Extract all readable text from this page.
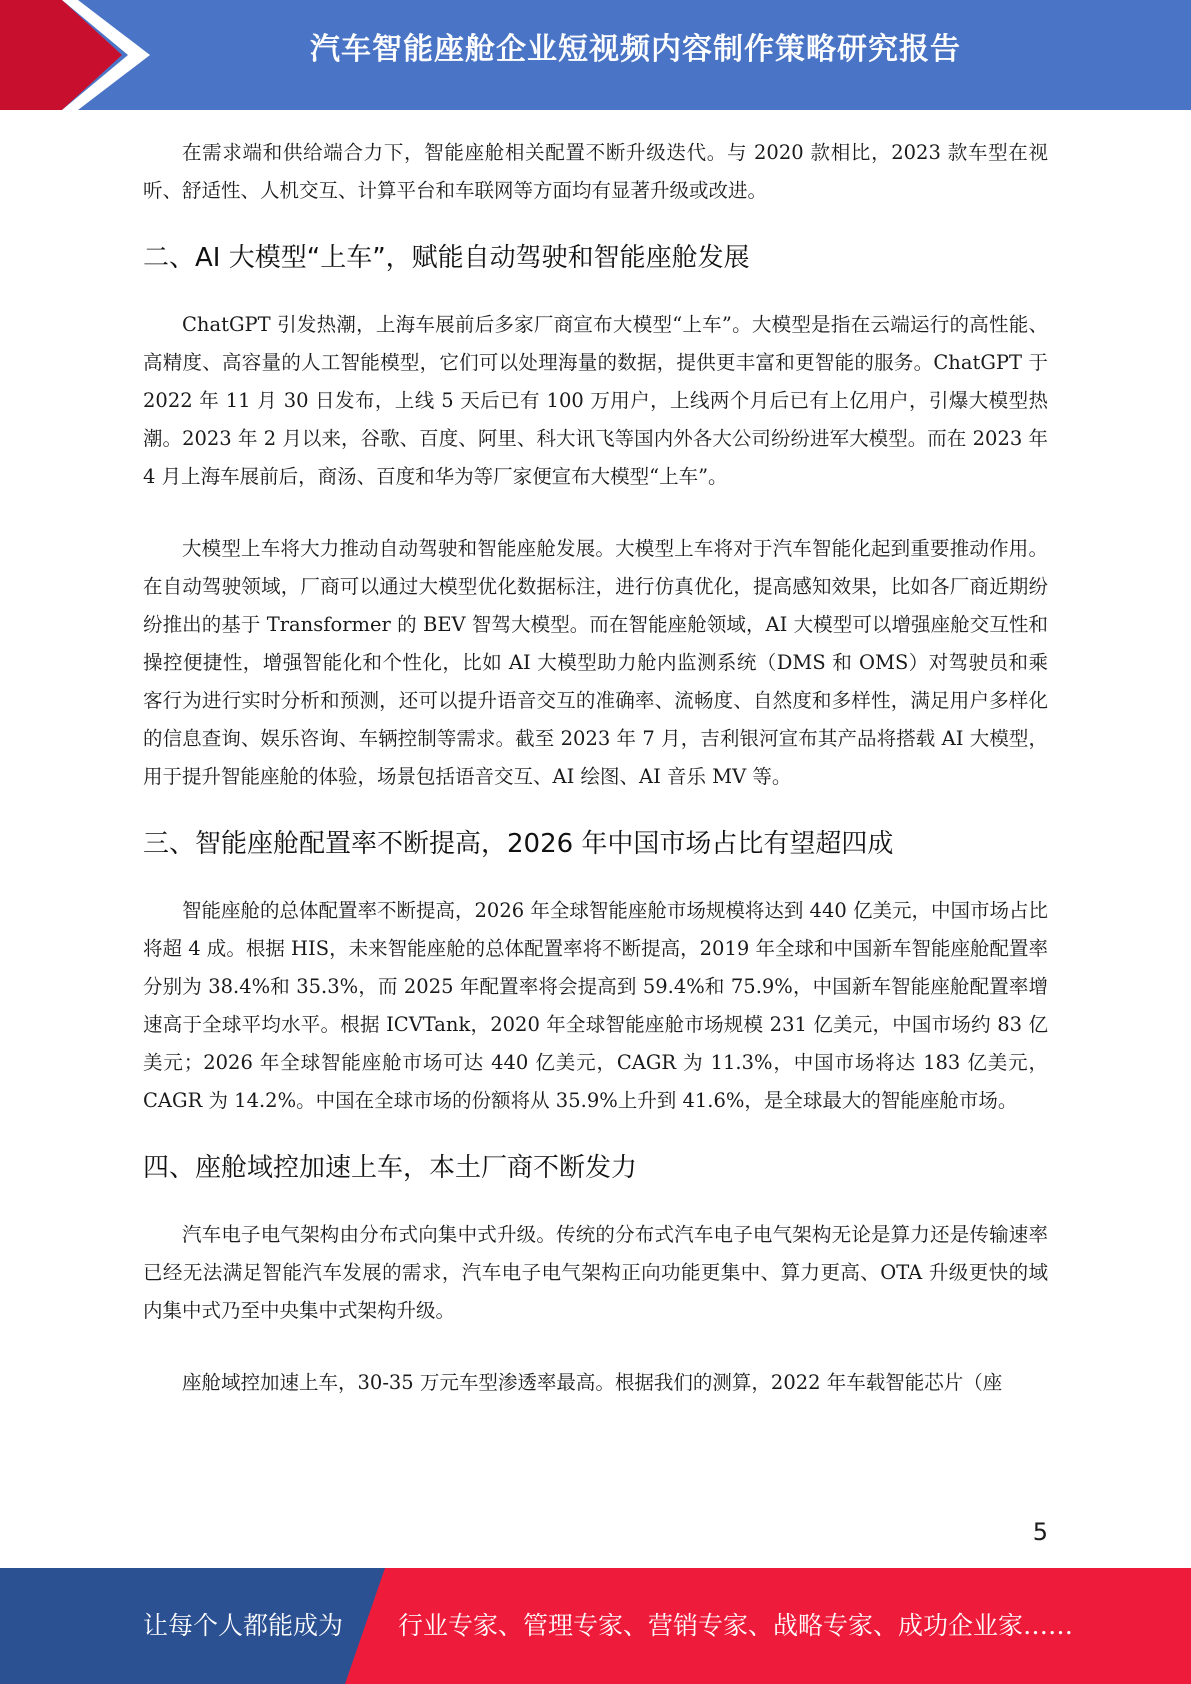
汽车智能座舱企业短视频内容制作策略研究报告

在需求端和供给端合力下，智能座舱相关配置不断升级迭代。与 2020 款相比，2023 款车型在视听、舒适性、人机交互、计算平台和车联网等方面均有显著升级或改进。

二、AI 大模型“上车”，赋能自动驾驶和智能座舱发展

ChatGPT 引发热潮，上海车展前后多家厂商宣布大模型“上车”。大模型是指在云端运行的高性能、高精度、高容量的人工智能模型，它们可以处理海量的数据，提供更丰富和更智能的服务。ChatGPT 于 2022 年 11 月 30 日发布，上线 5 天后已有 100 万用户，上线两个月后已有上亿用户，引爆大模型热潮。2023 年 2 月以来，谷歌、百度、阿里、科大讯飞等国内外各大公司纷纷进军大模型。而在 2023 年 4 月上海车展前后，商汤、百度和华为等厂家便宣布大模型“上车”。

大模型上车将大力推动自动驾驶和智能座舱发展。大模型上车将对于汽车智能化起到重要推动作用。在自动驾驶领域，厂商可以通过大模型优化数据标注，进行仿真优化，提高感知效果，比如各厂商近期纷纷推出的基于 Transformer 的 BEV 智驾大模型。而在智能座舱领域，AI 大模型可以增强座舱交互性和操控便捷性，增强智能化和个性化，比如 AI 大模型助力舱内监测系统（DMS 和 OMS）对驾驶员和乘客行为进行实时分析和预测，还可以提升语音交互的准确率、流畅度、自然度和多样性，满足用户多样化的信息查询、娱乐咨询、车辆控制等需求。截至 2023 年 7 月，吉利银河宣布其产品将搭载 AI 大模型，用于提升智能座舱的体验，场景包括语音交互、AI 绘图、AI 音乐 MV 等。

三、智能座舱配置率不断提高，2026 年中国市场占比有望超四成

智能座舱的总体配置率不断提高，2026 年全球智能座舱市场规模将达到 440 亿美元，中国市场占比将超 4 成。根据 HIS，未来智能座舱的总体配置率将不断提高，2019 年全球和中国新车智能座舱配置率分别为 38.4%和 35.3%，而 2025 年配置率将会提高到 59.4%和 75.9%，中国新车智能座舱配置率增速高于全球平均水平。根据 ICVTank，2020 年全球智能座舱市场规模 231 亿美元，中国市场约 83 亿美元；2026 年全球智能座舱市场可达 440 亿美元，CAGR 为 11.3%，中国市场将达 183 亿美元，CAGR 为 14.2%。中国在全球市场的份额将从 35.9%上升到 41.6%，是全球最大的智能座舱市场。

四、座舱域控加速上车，本土厂商不断发力

汽车电子电气架构由分布式向集中式升级。传统的分布式汽车电子电气架构无论是算力还是传输速率已经无法满足智能汽车发展的需求，汽车电子电气架构正向功能更集中、算力更高、OTA 升级更快的域内集中式乃至中央集中式架构升级。

座舱域控加速上车，30-35 万元车型渗透率最高。根据我们的测算，2022 年车载智能芯片（座

5
让每个人都能成为 行业专家、管理专家、营销专家、战略专家、成功企业家……
